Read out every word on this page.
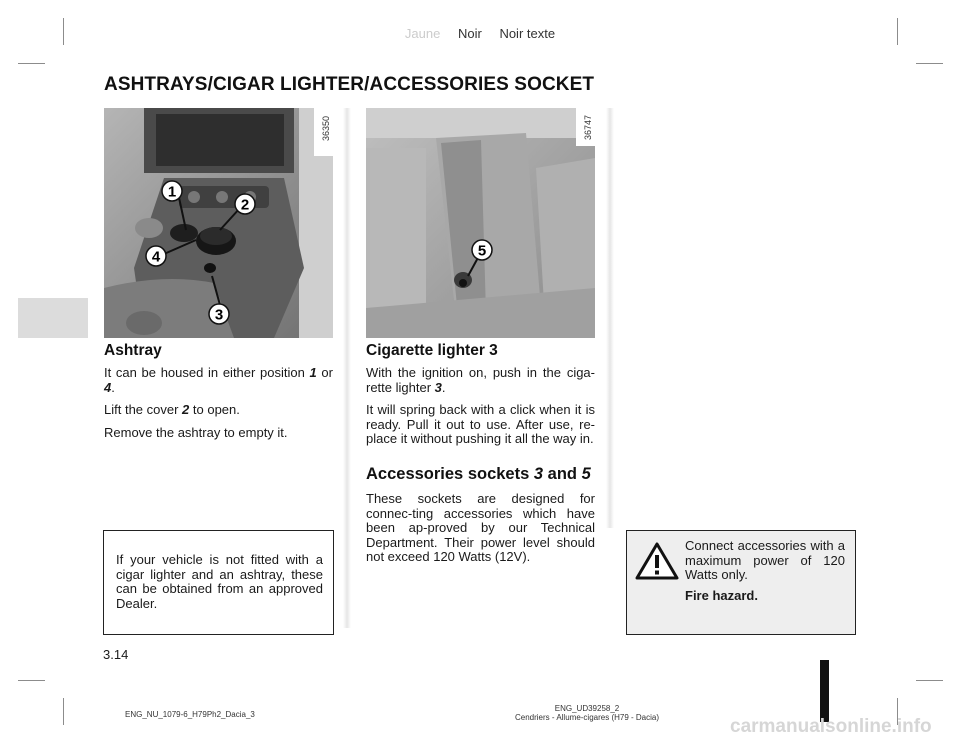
Jaune Noir Noir texte
ASHTRAYS/CIGAR LIGHTER/ACCESSORIES SOCKET
1
2
4
3
36350
5
36747
Ashtray
It can be housed in either position 1 or 4.
Lift the cover 2 to open.
Remove the ashtray to empty it.
If your vehicle is not fitted with a cigar lighter and an ashtray, these can be obtained from an approved Dealer.
Cigarette lighter 3
With the ignition on, push in the ciga-rette lighter 3.
It will spring back with a click when it is ready. Pull it out to use. After use, re-place it without pushing it all the way in.
Accessories sockets 3 and 5
These sockets are designed for connec-ting accessories which have been ap-proved by our Technical Department. Their power level should not exceed 120 Watts (12V).
Connect accessories with a maximum power of 120 Watts only.
Fire hazard.
3.14
ENG_NU_1079-6_H79Ph2_Dacia_3
ENG_UD39258_2
Cendriers - Allume-cigares (H79 - Dacia)	carmanualsonline.info
